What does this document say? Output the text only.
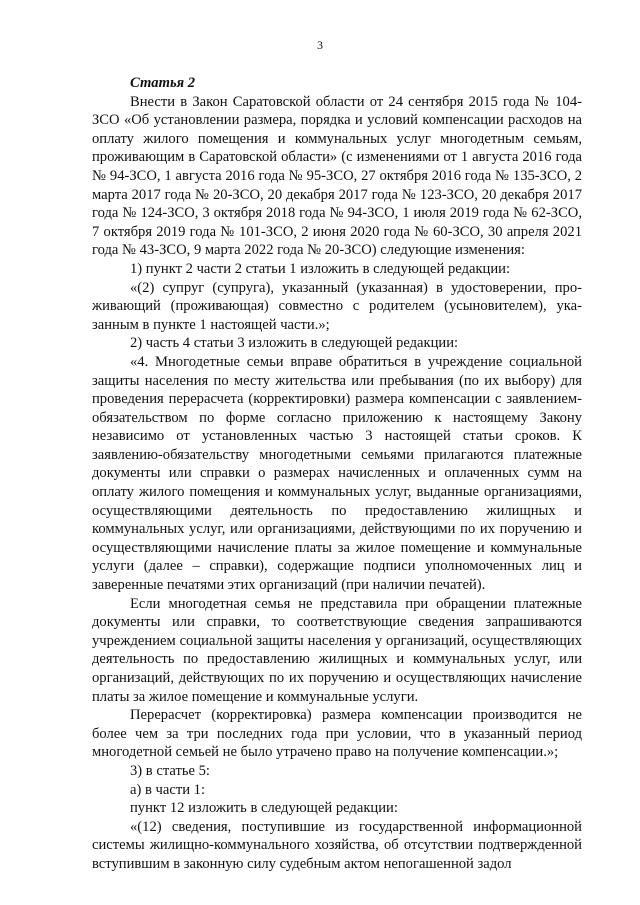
3

Статья 2

Внести в Закон Саратовской области от 24 сентября 2015 года № 104-ЗСО «Об установлении размера, порядка и условий компенсации расходов на оплату жилого помещения и коммунальных услуг многодетным семьям, проживающим в Саратовской области» (с изменениями от 1 августа 2016 года № 94-ЗСО, 1 августа 2016 года № 95-ЗСО, 27 октября 2016 года № 135-ЗСО, 2 марта 2017 года № 20-ЗСО, 20 декабря 2017 года № 123-ЗСО, 20 декабря 2017 года № 124-ЗСО, 3 октября 2018 года № 94-ЗСО, 1 июля 2019 года № 62-ЗСО, 7 октября 2019 года № 101-ЗСО, 2 июня 2020 года № 60-ЗСО, 30 апреля 2021 года № 43-ЗСО, 9 марта 2022 года № 20-ЗСО) следующие изменения:

1) пункт 2 части 2 статьи 1 изложить в следующей редакции:

«(2) супруг (супруга), указанный (указанная) в удостоверении, проживающий (проживающая) совместно с родителем (усыновителем), указанным в пункте 1 настоящей части.»;

2) часть 4 статьи 3 изложить в следующей редакции:

«4. Многодетные семьи вправе обратиться в учреждение социальной защиты населения по месту жительства или пребывания (по их выбору) для проведения перерасчета (корректировки) размера компенсации с заявлением-обязательством по форме согласно приложению к настоящему Закону независимо от установленных частью 3 настоящей статьи сроков. К заявлению-обязательству многодетными семьями прилагаются платежные документы или справки о размерах начисленных и оплаченных сумм на оплату жилого помещения и коммунальных услуг, выданные организациями, осуществляющими деятельность по предоставлению жилищных и коммунальных услуг, или организациями, действующими по их поручению и осуществляющими начисление платы за жилое помещение и коммунальные услуги (далее – справки), содержащие подписи уполномоченных лиц и заверенные печатями этих организаций (при наличии печатей).

Если многодетная семья не представила при обращении платежные документы или справки, то соответствующие сведения запрашиваются учреждением социальной защиты населения у организаций, осуществляющих деятельность по предоставлению жилищных и коммунальных услуг, или организаций, действующих по их поручению и осуществляющих начисление платы за жилое помещение и коммунальные услуги.

Перерасчет (корректировка) размера компенсации производится не более чем за три последних года при условии, что в указанный период многодетной семьей не было утрачено право на получение компенсации.»;

3) в статье 5:

а) в части 1:

пункт 12 изложить в следующей редакции:

«(12) сведения, поступившие из государственной информационной системы жилищно-коммунального хозяйства, об отсутствии подтвержденной вступившим в законную силу судебным актом непогашенной задол
